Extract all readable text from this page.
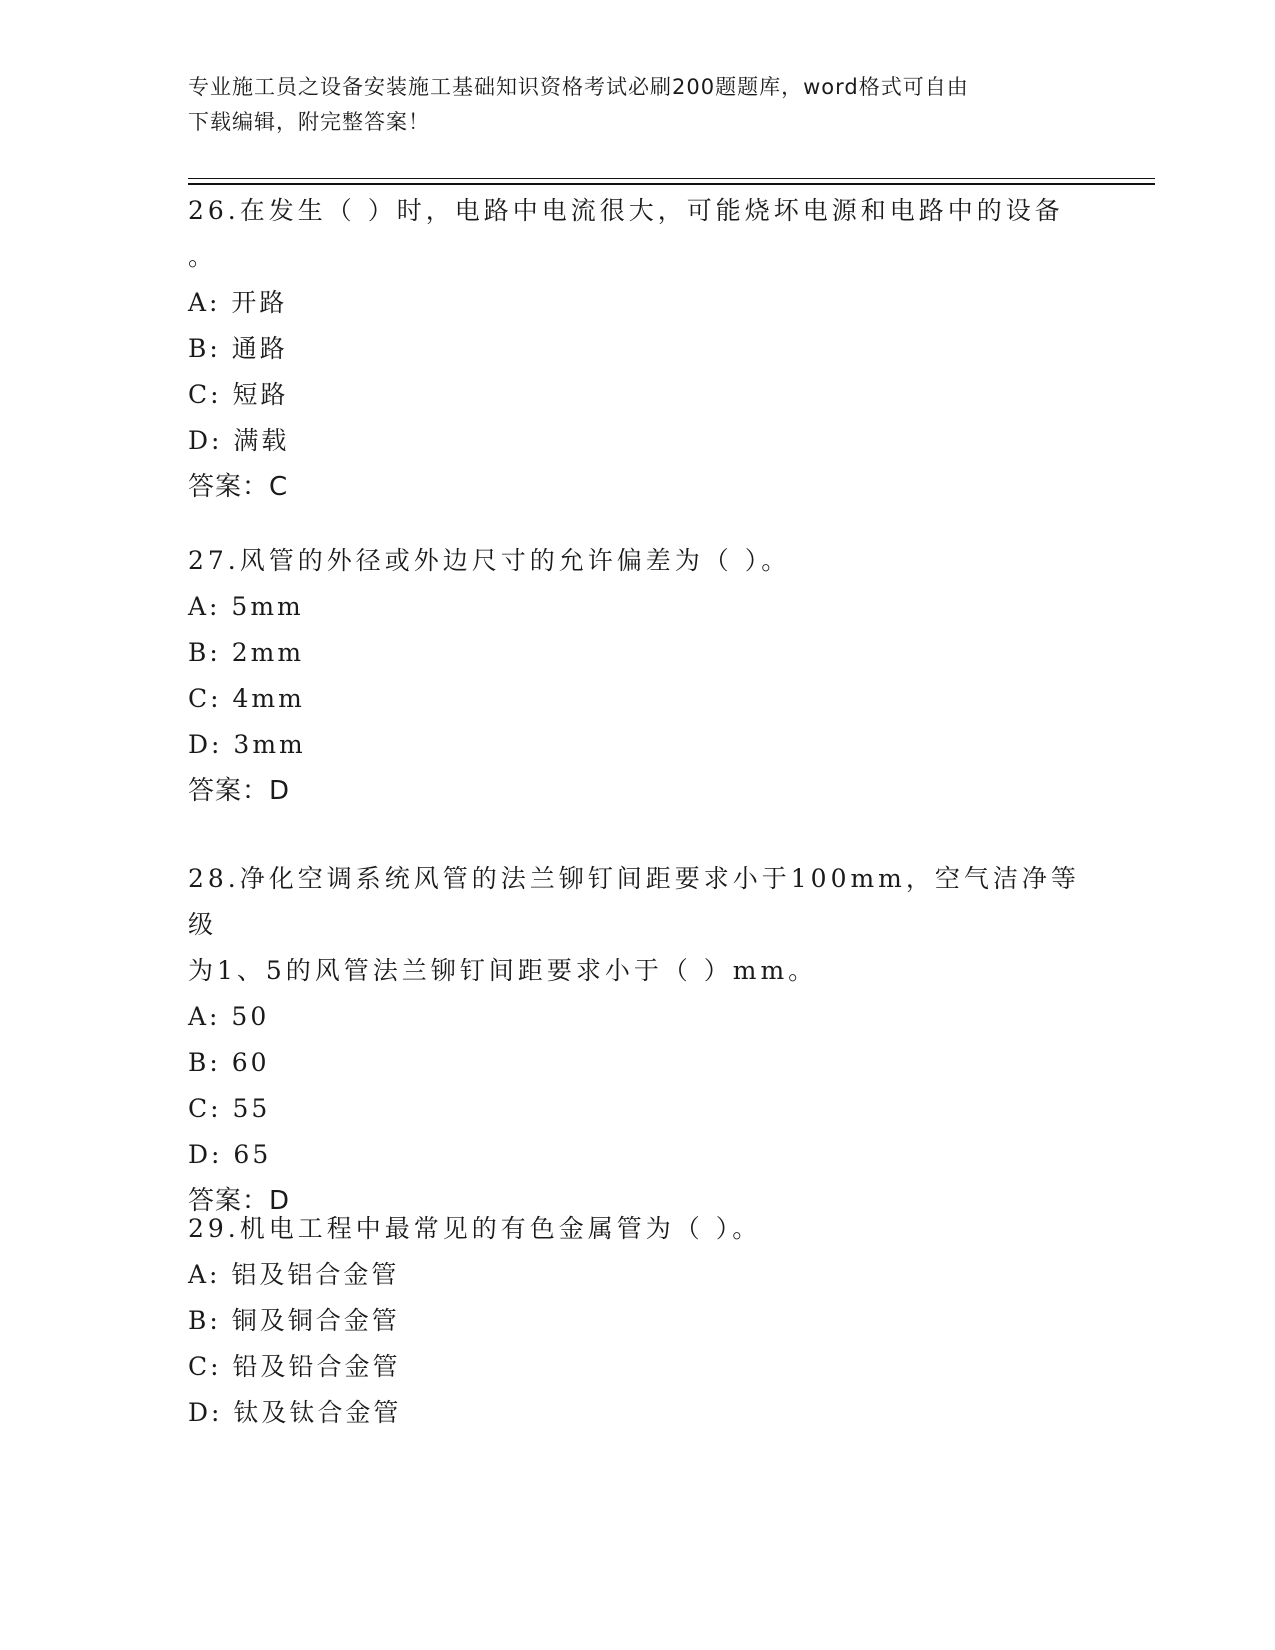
专业施工员之设备安装施工基础知识资格考试必刷200题题库，word格式可自由
下载编辑，附完整答案！

26.在发生（ ）时，电路中电流很大，可能烧坏电源和电路中的设备

。

A: 开路

B: 通路

C: 短路

D: 满载

答案：C

27.风管的外径或外边尺寸的允许偏差为（ ）。

A: 5mm

B: 2mm

C: 4mm

D: 3mm

答案：D

28.净化空调系统风管的法兰铆钉间距要求小于100mm，空气洁净等级

为1、5的风管法兰铆钉间距要求小于（ ）mm。

A: 50

B: 60

C: 55

D: 65

答案：D

29.机电工程中最常见的有色金属管为（ ）。

A: 铝及铝合金管

B: 铜及铜合金管

C: 铅及铅合金管

D: 钛及钛合金管
